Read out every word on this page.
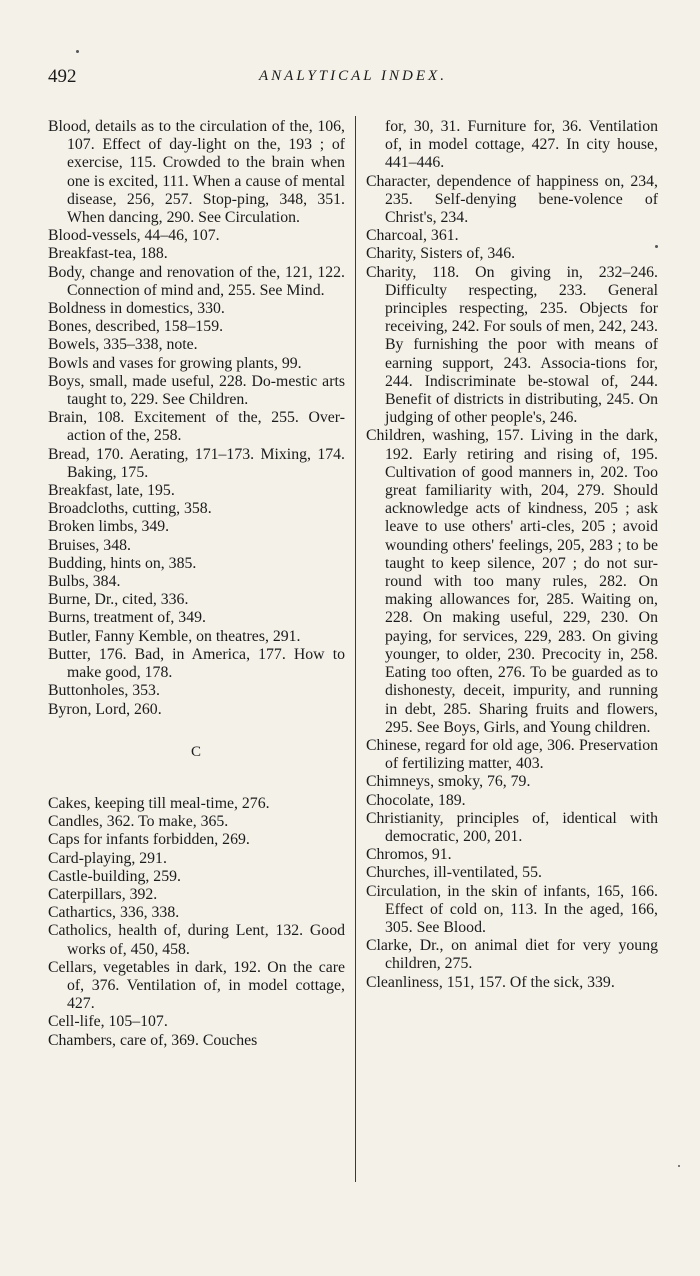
492	ANALYTICAL INDEX.

Blood, details as to the circulation of the, 106, 107. Effect of day-light on the, 193 ; of exercise, 115. Crowded to the brain when one is excited, 111. When a cause of mental disease, 256, 257. Stop-ping, 348, 351. When dancing, 290. See Circulation.

Blood-vessels, 44–46, 107.

Breakfast-tea, 188.

Body, change and renovation of the, 121, 122. Connection of mind and, 255. See Mind.

Boldness in domestics, 330.

Bones, described, 158–159.

Bowels, 335–338, note.

Bowls and vases for growing plants, 99.

Boys, small, made useful, 228. Do-mestic arts taught to, 229. See Children.

Brain, 108. Excitement of the, 255. Over-action of the, 258.

Bread, 170. Aerating, 171–173. Mixing, 174. Baking, 175.

Breakfast, late, 195.

Broadcloths, cutting, 358.

Broken limbs, 349.

Bruises, 348.

Budding, hints on, 385.

Bulbs, 384.

Burne, Dr., cited, 336.

Burns, treatment of, 349.

Butler, Fanny Kemble, on theatres, 291.

Butter, 176. Bad, in America, 177. How to make good, 178.

Buttonholes, 353.

Byron, Lord, 260.

C

Cakes, keeping till meal-time, 276.

Candles, 362. To make, 365.

Caps for infants forbidden, 269.

Card-playing, 291.

Castle-building, 259.

Caterpillars, 392.

Cathartics, 336, 338.

Catholics, health of, during Lent, 132. Good works of, 450, 458.

Cellars, vegetables in dark, 192. On the care of, 376. Ventilation of, in model cottage, 427.

Cell-life, 105–107.

Chambers, care of, 369. Couches

for, 30, 31. Furniture for, 36. Ventilation of, in model cottage, 427. In city house, 441–446.

Character, dependence of happiness on, 234, 235. Self-denying bene-volence of Christ's, 234.

Charcoal, 361.

Charity, Sisters of, 346.

Charity, 118. On giving in, 232–246. Difficulty respecting, 233. General principles respecting, 235. Objects for receiving, 242. For souls of men, 242, 243. By furnishing the poor with means of earning support, 243. Associa-tions for, 244. Indiscriminate be-stowal of, 244. Benefit of districts in distributing, 245. On judging of other people's, 246.

Children, washing, 157. Living in the dark, 192. Early retiring and rising of, 195. Cultivation of good manners in, 202. Too great familiarity with, 204, 279. Should acknowledge acts of kindness, 205 ; ask leave to use others' arti-cles, 205 ; avoid wounding others' feelings, 205, 283 ; to be taught to keep silence, 207 ; do not sur-round with too many rules, 282. On making allowances for, 285. Waiting on, 228. On making useful, 229, 230. On paying, for services, 229, 283. On giving younger, to older, 230. Precocity in, 258. Eating too often, 276. To be guarded as to dishonesty, deceit, impurity, and running in debt, 285. Sharing fruits and flowers, 295. See Boys, Girls, and Young children.

Chinese, regard for old age, 306. Preservation of fertilizing matter, 403.

Chimneys, smoky, 76, 79.

Chocolate, 189.

Christianity, principles of, identical with democratic, 200, 201.

Chromos, 91.

Churches, ill-ventilated, 55.

Circulation, in the skin of infants, 165, 166. Effect of cold on, 113. In the aged, 166, 305. See Blood.

Clarke, Dr., on animal diet for very young children, 275.

Cleanliness, 151, 157. Of the sick, 339.
